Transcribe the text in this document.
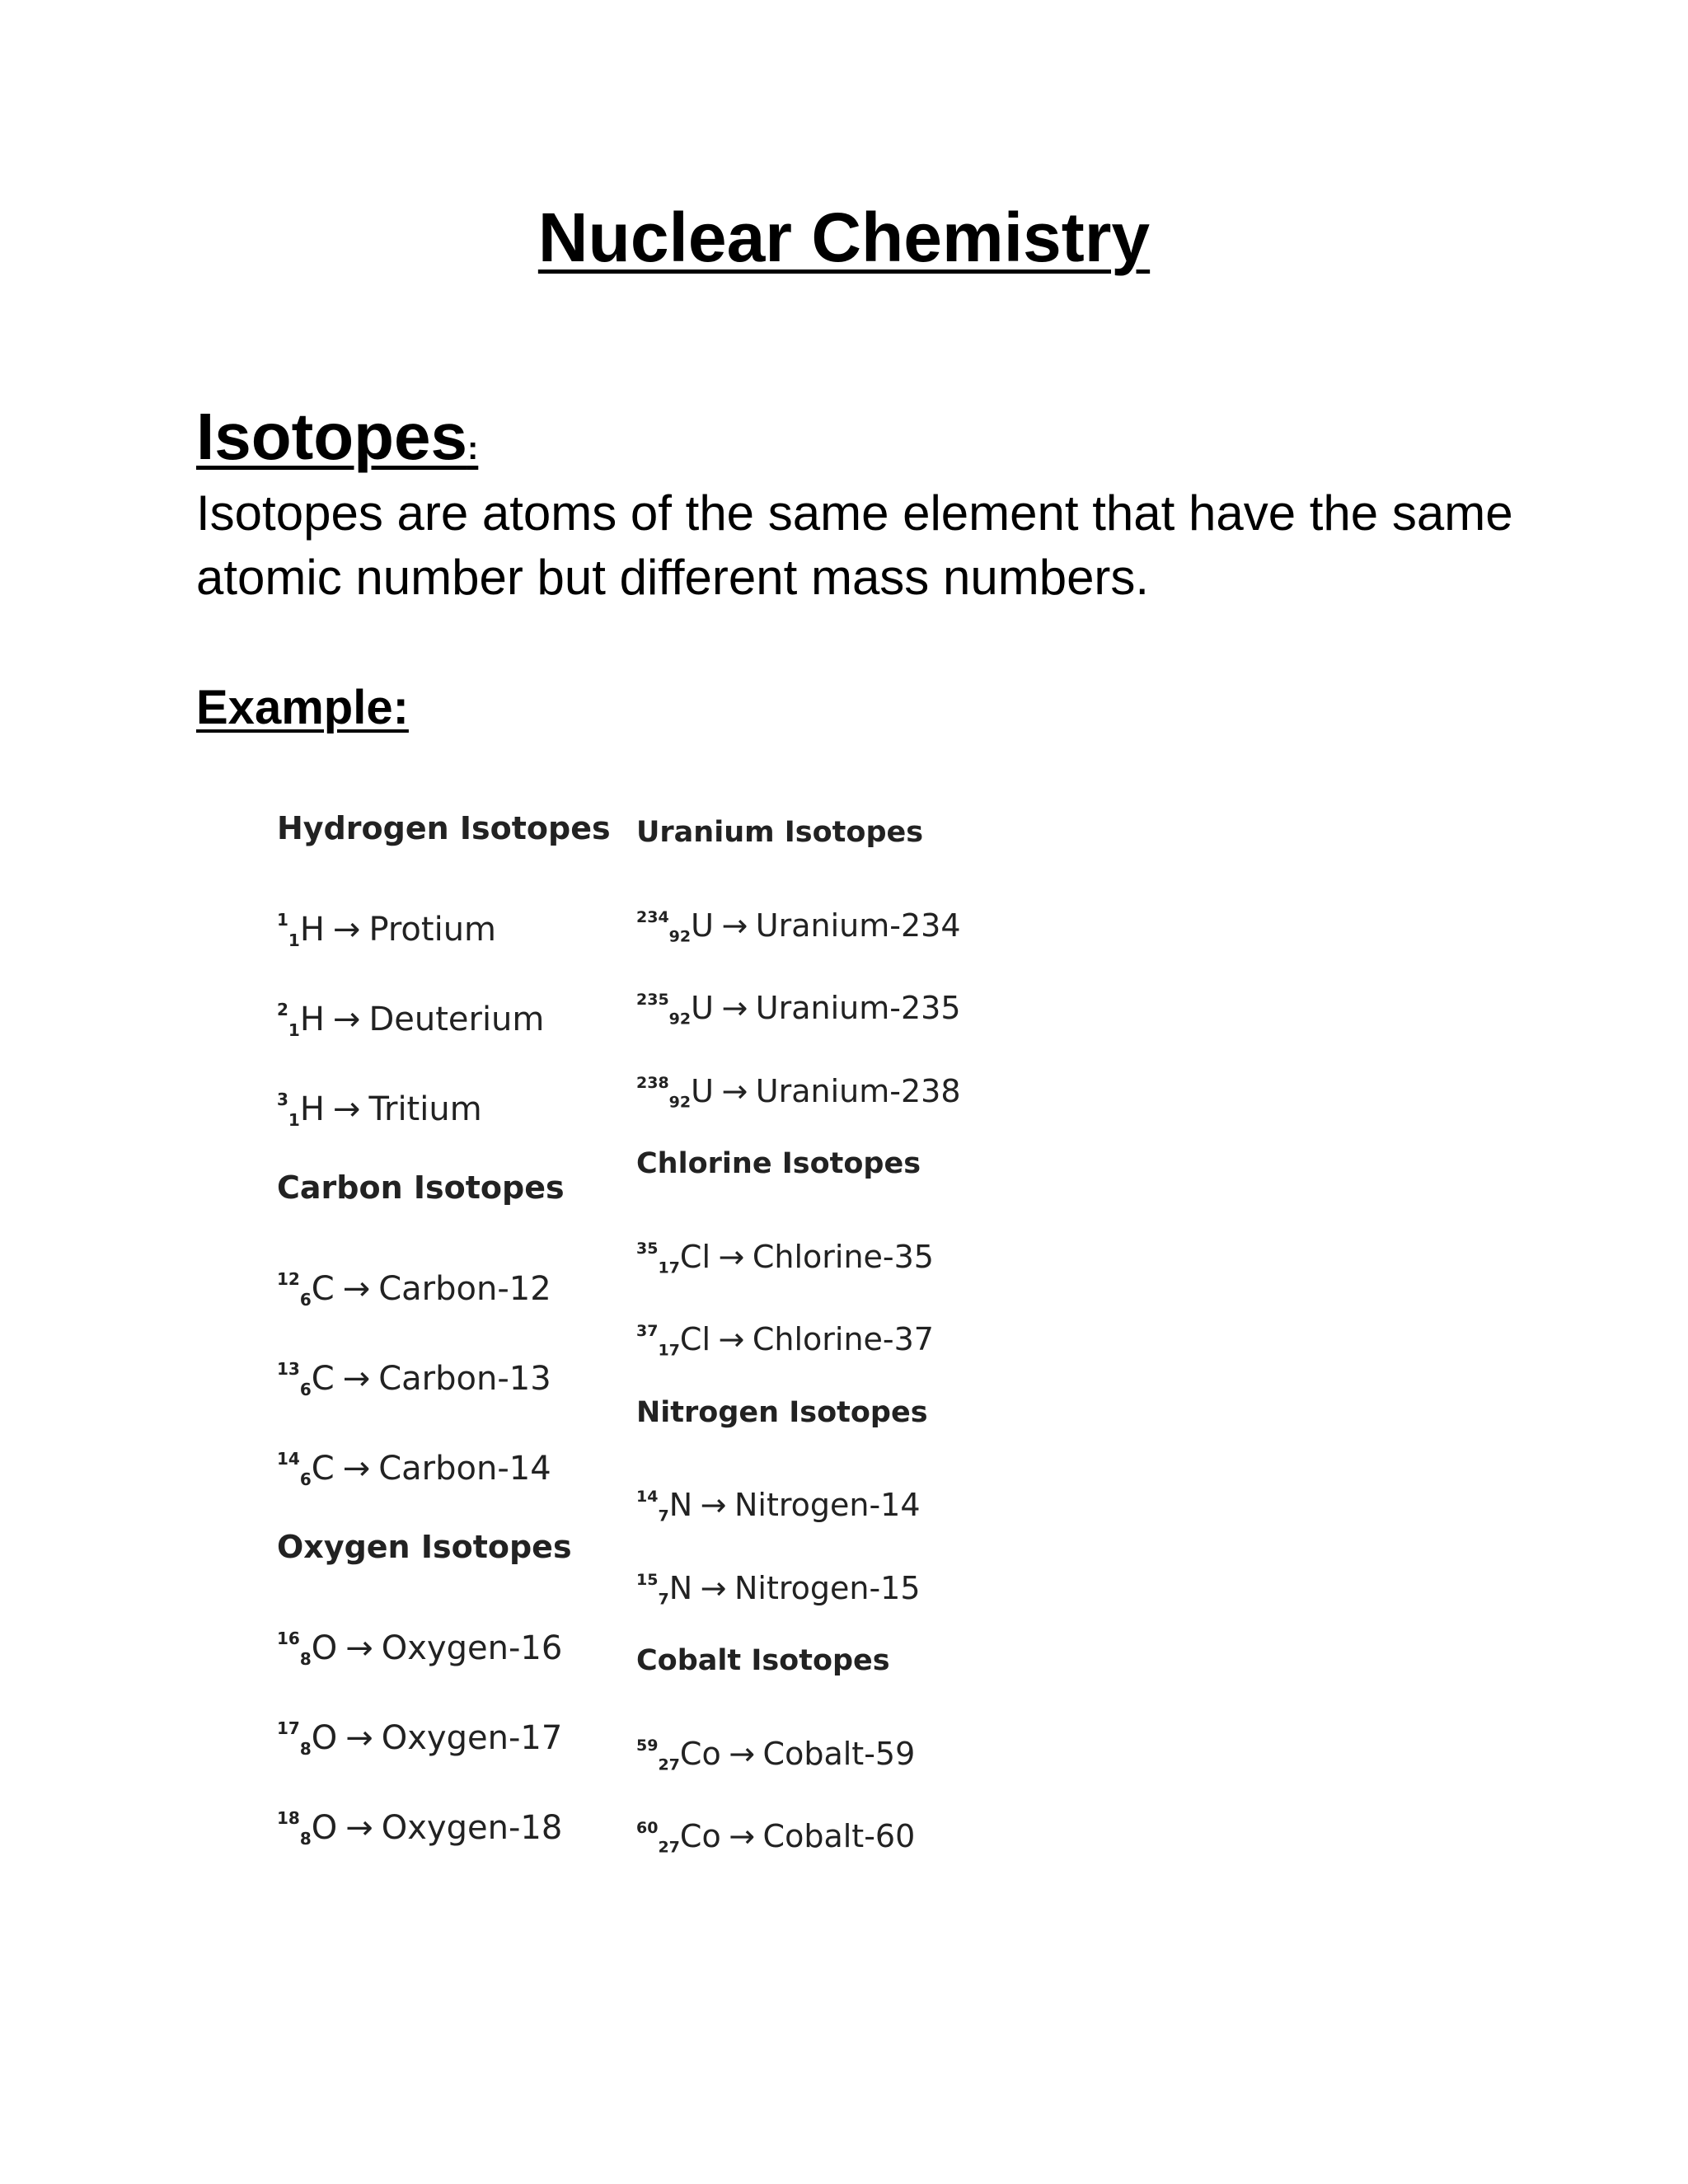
Nuclear Chemistry
Isotopes:
Isotopes are atoms of the same element that have the same atomic number but different mass numbers.
Example:
Hydrogen Isotopes
$^1$1H → Protium
$^2$1H → Deuterium
$^3$1H → Tritium
Carbon Isotopes
$^{12}$6C → Carbon-12
$^{13}$6C → Carbon-13
$^{14}$6C → Carbon-14
Oxygen Isotopes
$^{16}$8O → Oxygen-16
$^{17}$8O → Oxygen-17
$^{18}$8O → Oxygen-18
Uranium Isotopes
$^{234}$92U → Uranium-234
$^{235}$92U → Uranium-235
$^{238}$92U → Uranium-238
Chlorine Isotopes
$^{35}$17Cl → Chlorine-35
$^{37}$17Cl → Chlorine-37
Nitrogen Isotopes
$^{14}$7N → Nitrogen-14
$^{15}$7N → Nitrogen-15
Cobalt Isotopes
$^{59}$27Co → Cobalt-59
$^{60}$27Co → Cobalt-60
